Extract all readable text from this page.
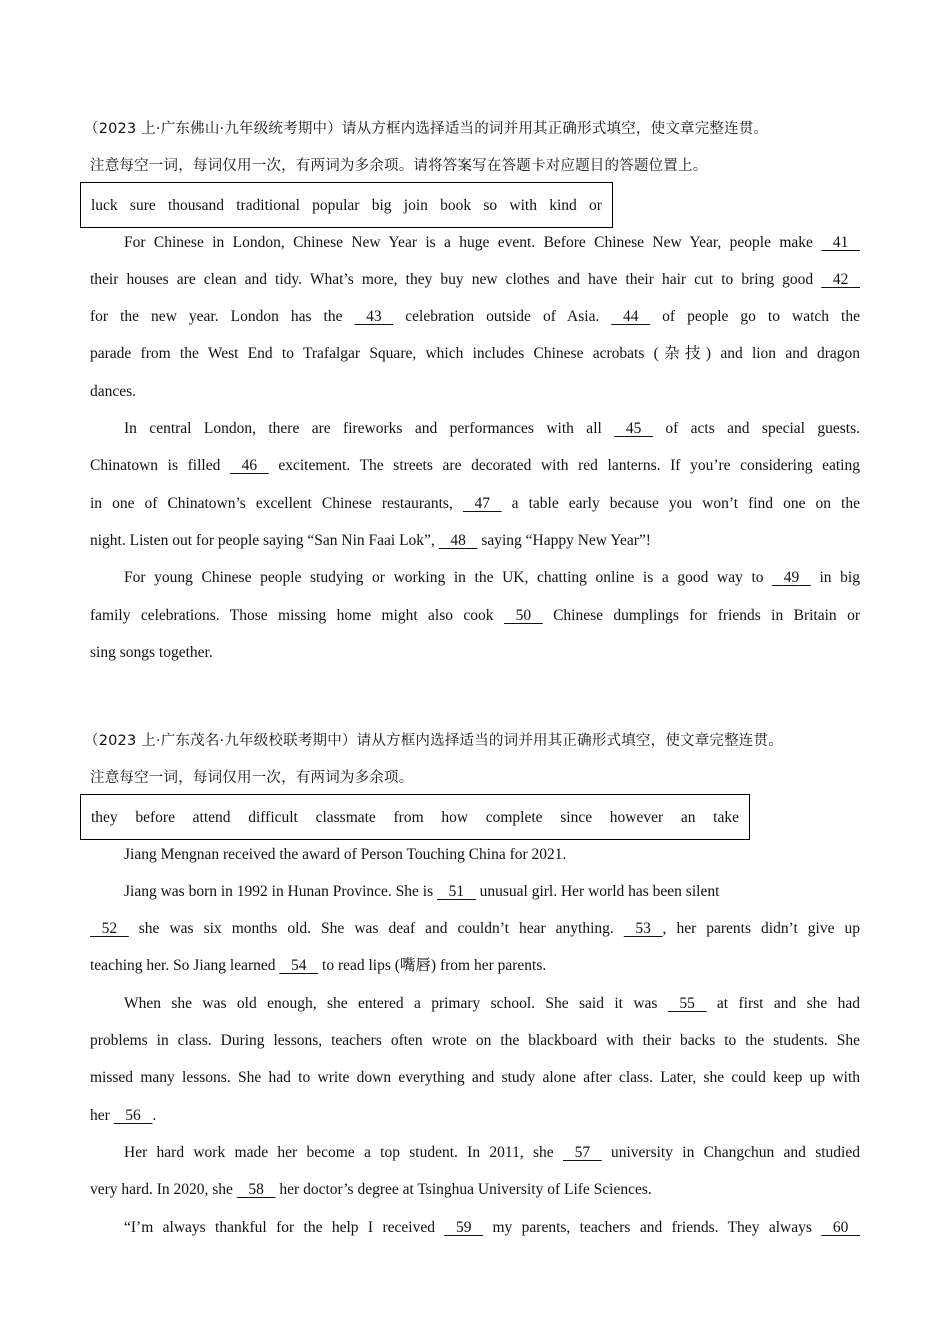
（2023 上·广东佛山·九年级统考期中）请从方框内选择适当的词并用其正确形式填空，使文章完整连贯。
注意每空一词，每词仅用一次，有两词为多余项。请将答案写在答题卡对应题目的答题位置上。
luck sure thousand traditional popular big join book so with kind or
For Chinese in London, Chinese New Year is a huge event. Before Chinese New Year, people make 41
their houses are clean and tidy. What’s more, they buy new clothes and have their hair cut to bring good 42
for the new year. London has the 43 celebration outside of Asia. 44 of people go to watch the
parade from the West End to Trafalgar Square, which includes Chinese acrobats (杂技) and lion and dragon
dances.
In central London, there are fireworks and performances with all 45 of acts and special guests.
Chinatown is filled 46 excitement. The streets are decorated with red lanterns. If you’re considering eating
in one of Chinatown’s excellent Chinese restaurants, 47 a table early because you won’t find one on the
night. Listen out for people saying “San Nin Faai Lok”, 48 saying “Happy New Year”!
For young Chinese people studying or working in the UK, chatting online is a good way to 49 in big
family celebrations. Those missing home might also cook 50 Chinese dumplings for friends in Britain or
sing songs together.
（2023 上·广东茂名·九年级校联考期中）请从方框内选择适当的词并用其正确形式填空，使文章完整连贯。
注意每空一词，每词仅用一次，有两词为多余项。
they before attend difficult classmate from how complete since however an take
Jiang Mengnan received the award of Person Touching China for 2021.
Jiang was born in 1992 in Hunan Province. She is 51 unusual girl. Her world has been silent
52 she was six months old. She was deaf and couldn’t hear anything. 53 , her parents didn’t give up
teaching her. So Jiang learned 54 to read lips (嘴唇) from her parents.
When she was old enough, she entered a primary school. She said it was 55 at first and she had
problems in class. During lessons, teachers often wrote on the blackboard with their backs to the students. She
missed many lessons. She had to write down everything and study alone after class. Later, she could keep up with
her 56 .
Her hard work made her become a top student. In 2011, she 57 university in Changchun and studied
very hard. In 2020, she 58 her doctor’s degree at Tsinghua University of Life Sciences.
“I’m always thankful for the help I received 59 my parents, teachers and friends. They always 60
